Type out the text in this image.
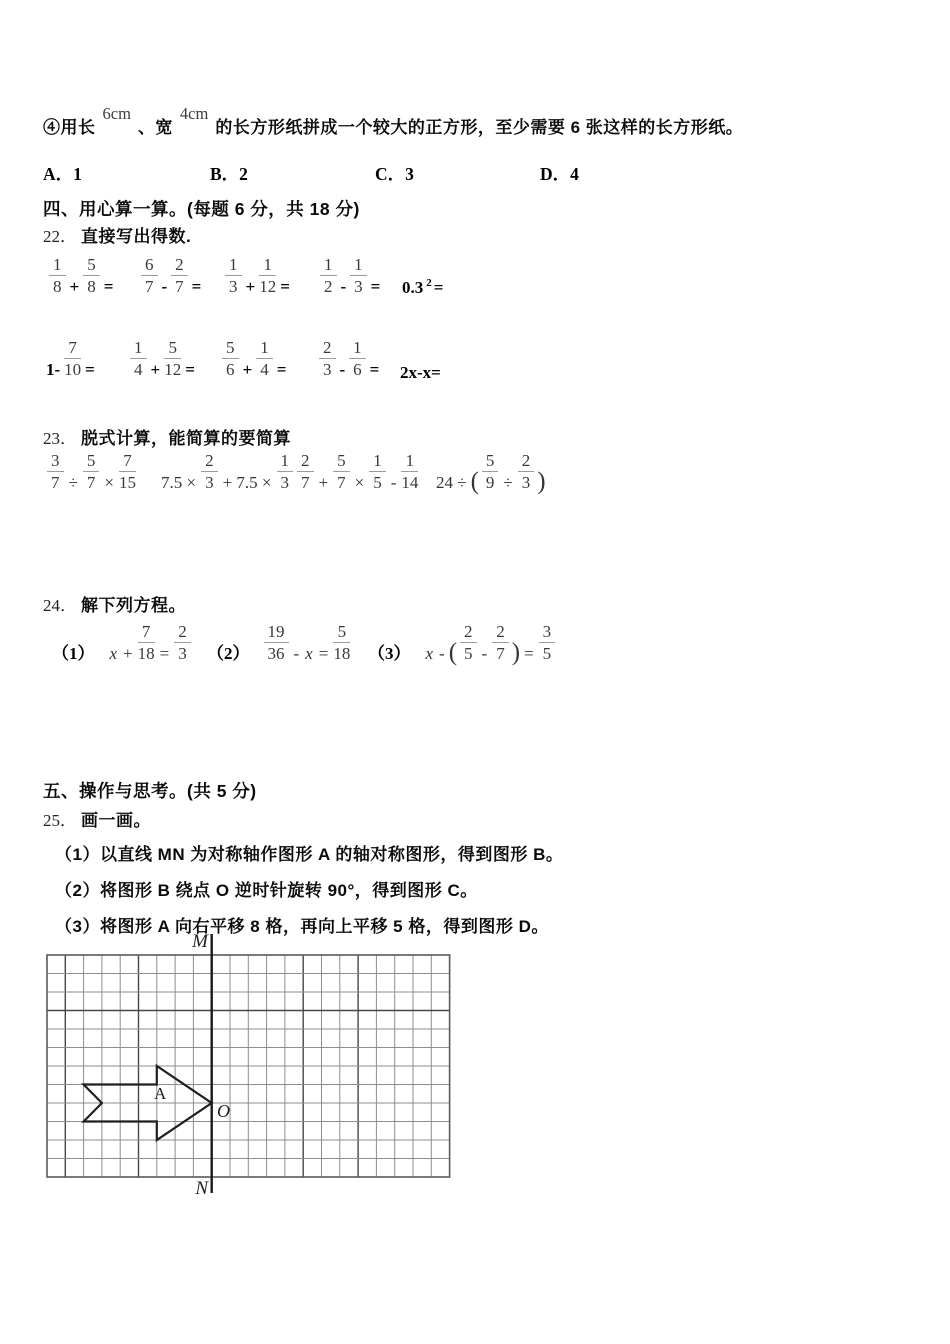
④用长6cm、宽4cm的长方形纸拼成一个较大的正方形，至少需要 6 张这样的长方形纸。
A．1	B．2	C．3	D．4
四、用心算一算。(每题 6 分，共 18 分)
22． 直接写出得数.
$\frac{1}{8} + \frac{5}{8} = \frac{6}{7} - \frac{2}{7} = \frac{1}{3} + \frac{1}{12} = \frac{1}{2} - \frac{1}{3} = 0.3$ $^2$ =
$1- \frac{7}{10} = \frac{1}{4} + \frac{5}{12} = \frac{5}{6} + \frac{1}{4} = \frac{2}{3} - \frac{1}{6} = 2x-x=$
23． 脱式计算，能简算的要简算
$\frac{3}{7} \div \frac{5}{7} \times \frac{7}{15} 7.5 \times \frac{2}{3} + 7.5 \times \frac{1}{3} \frac{2}{7} + \frac{5}{7} \times \frac{1}{5} - \frac{1}{14} 24$ ÷ ( $\frac{5}{9} \div \frac{2}{3}$ )
24． 解下列方程。
（1） $x + \frac{7}{18} = \frac{2}{3} (2) \frac{19}{36} - x = \frac{5}{18} (3)$ x - ( $\frac{2}{5} - \frac{2}{7}$ ) = $\frac{3}{5}$
五、操作与思考。(共 5 分)
25． 画一画。
（1）以直线 MN 为对称轴作图形 A 的轴对称图形，得到图形 B。
（2）将图形 B 绕点 O 逆时针旋转 90°，得到图形 C。
（3）将图形 A 向右平移 8 格，再向上平移 5 格，得到图形 D。
M
N
O
A
